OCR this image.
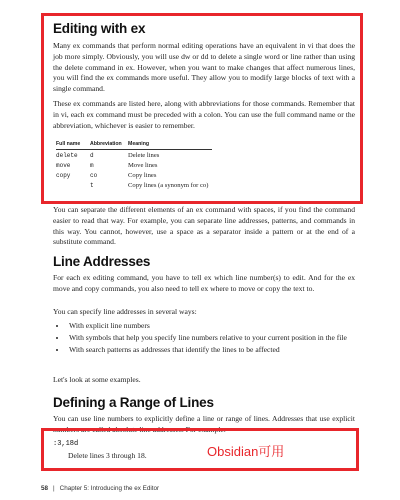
Editing with ex

Many ex commands that perform normal editing operations have an equivalent in vi that does the job more simply. Obviously, you will use dw or dd to delete a single word or line rather than using the delete command in ex. However, when you want to make changes that affect numerous lines, you will find the ex commands more useful. They allow you to modify large blocks of text with a single command.

These ex commands are listed here, along with abbreviations for those commands. Remember that in vi, each ex command must be preceded with a colon. You can use the full command name or the abbreviation, whichever is easier to remember.

Full name	Abbreviation	Meaning
delete	d	Delete lines
move	m	Move lines
copy	co	Copy lines
	t	Copy lines (a synonym for co)

You can separate the different elements of an ex command with spaces, if you find the command easier to read that way. For example, you can separate line addresses, patterns, and commands in this way. You cannot, however, use a space as a separator inside a pattern or at the end of a substitute command.

Line Addresses

For each ex editing command, you have to tell ex which line number(s) to edit. And for the ex move and copy commands, you also need to tell ex where to move or copy the text to.

You can specify line addresses in several ways:

• With explicit line numbers
• With symbols that help you specify line numbers relative to your current position in the file
• With search patterns as addresses that identify the lines to be affected

Let's look at some examples.

Defining a Range of Lines

You can use line numbers to explicitly define a line or range of lines. Addresses that use explicit numbers are called absolute line addresses. For example:

:3,18d
Delete lines 3 through 18.	Obsidian可用
58 | Chapter 5: Introducing the ex Editor
